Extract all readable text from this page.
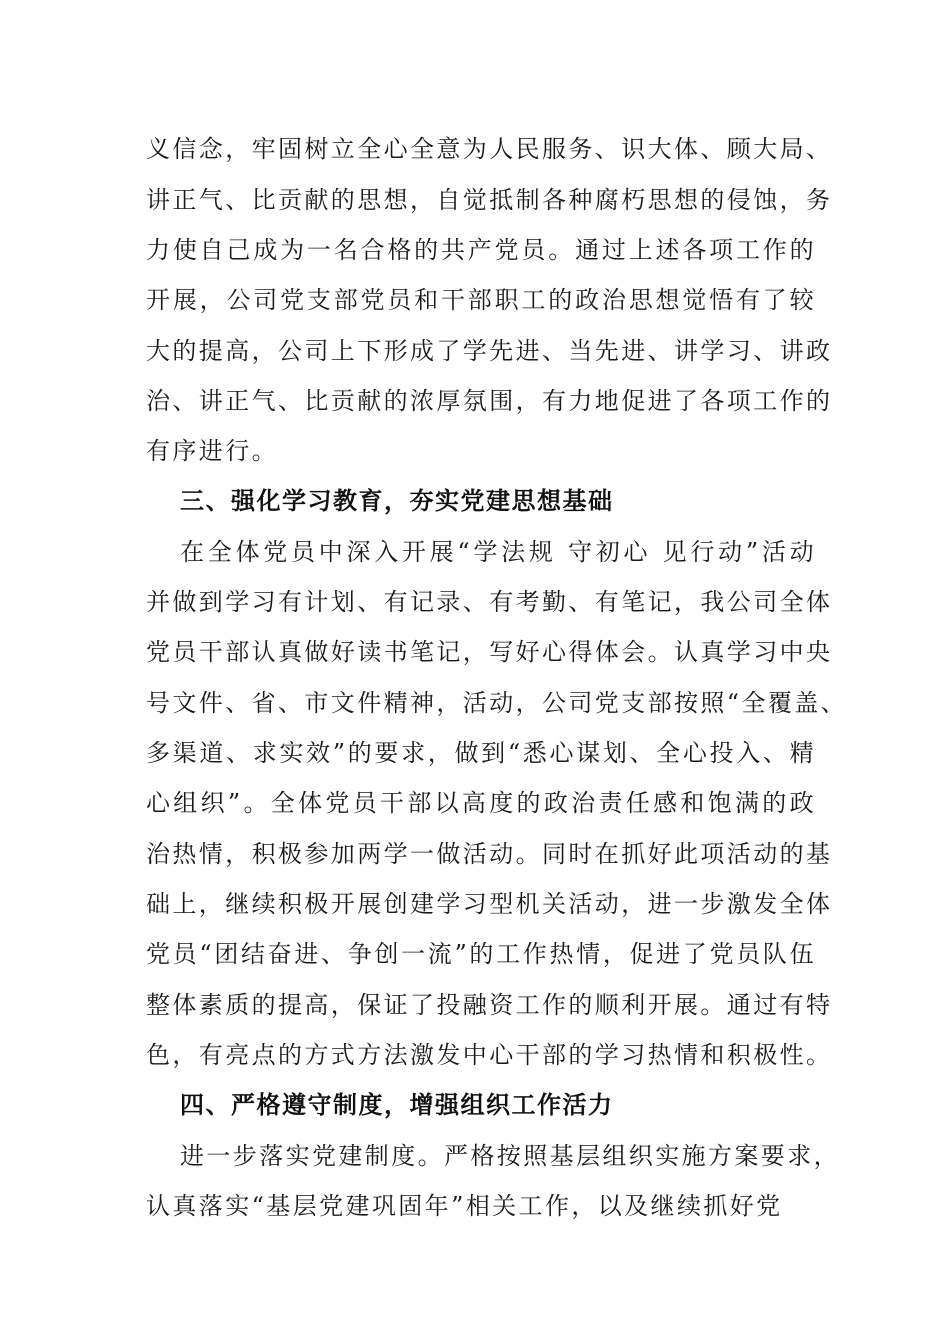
义信念，牢固树立全心全意为人民服务、识大体、顾大局、
讲正气、比贡献的思想，自觉抵制各种腐朽思想的侵蚀，务
力使自己成为一名合格的共产党员。通过上述各项工作的
开展，公司党支部党员和干部职工的政治思想觉悟有了较
大的提高，公司上下形成了学先进、当先进、讲学习、讲政
治、讲正气、比贡献的浓厚氛围，有力地促进了各项工作的
有序进行。
三、强化学习教育，夯实党建思想基础
在全体党员中深入开展“学法规 守初心 见行动”活动
并做到学习有计划、有记录、有考勤、有笔记，我公司全体
党员干部认真做好读书笔记，写好心得体会。认真学习中央
号文件、省、市文件精神，活动，公司党支部按照“全覆盖、
多渠道、求实效”的要求，做到“悉心谋划、全心投入、精
心组织”。全体党员干部以高度的政治责任感和饱满的政
治热情，积极参加两学一做活动。同时在抓好此项活动的基
础上，继续积极开展创建学习型机关活动，进一步激发全体
党员“团结奋进、争创一流”的工作热情，促进了党员队伍
整体素质的提高，保证了投融资工作的顺利开展。通过有特
色，有亮点的方式方法激发中心干部的学习热情和积极性。
四、严格遵守制度，增强组织工作活力
进一步落实党建制度。严格按照基层组织实施方案要求，
认真落实“基层党建巩固年”相关工作，以及继续抓好党
